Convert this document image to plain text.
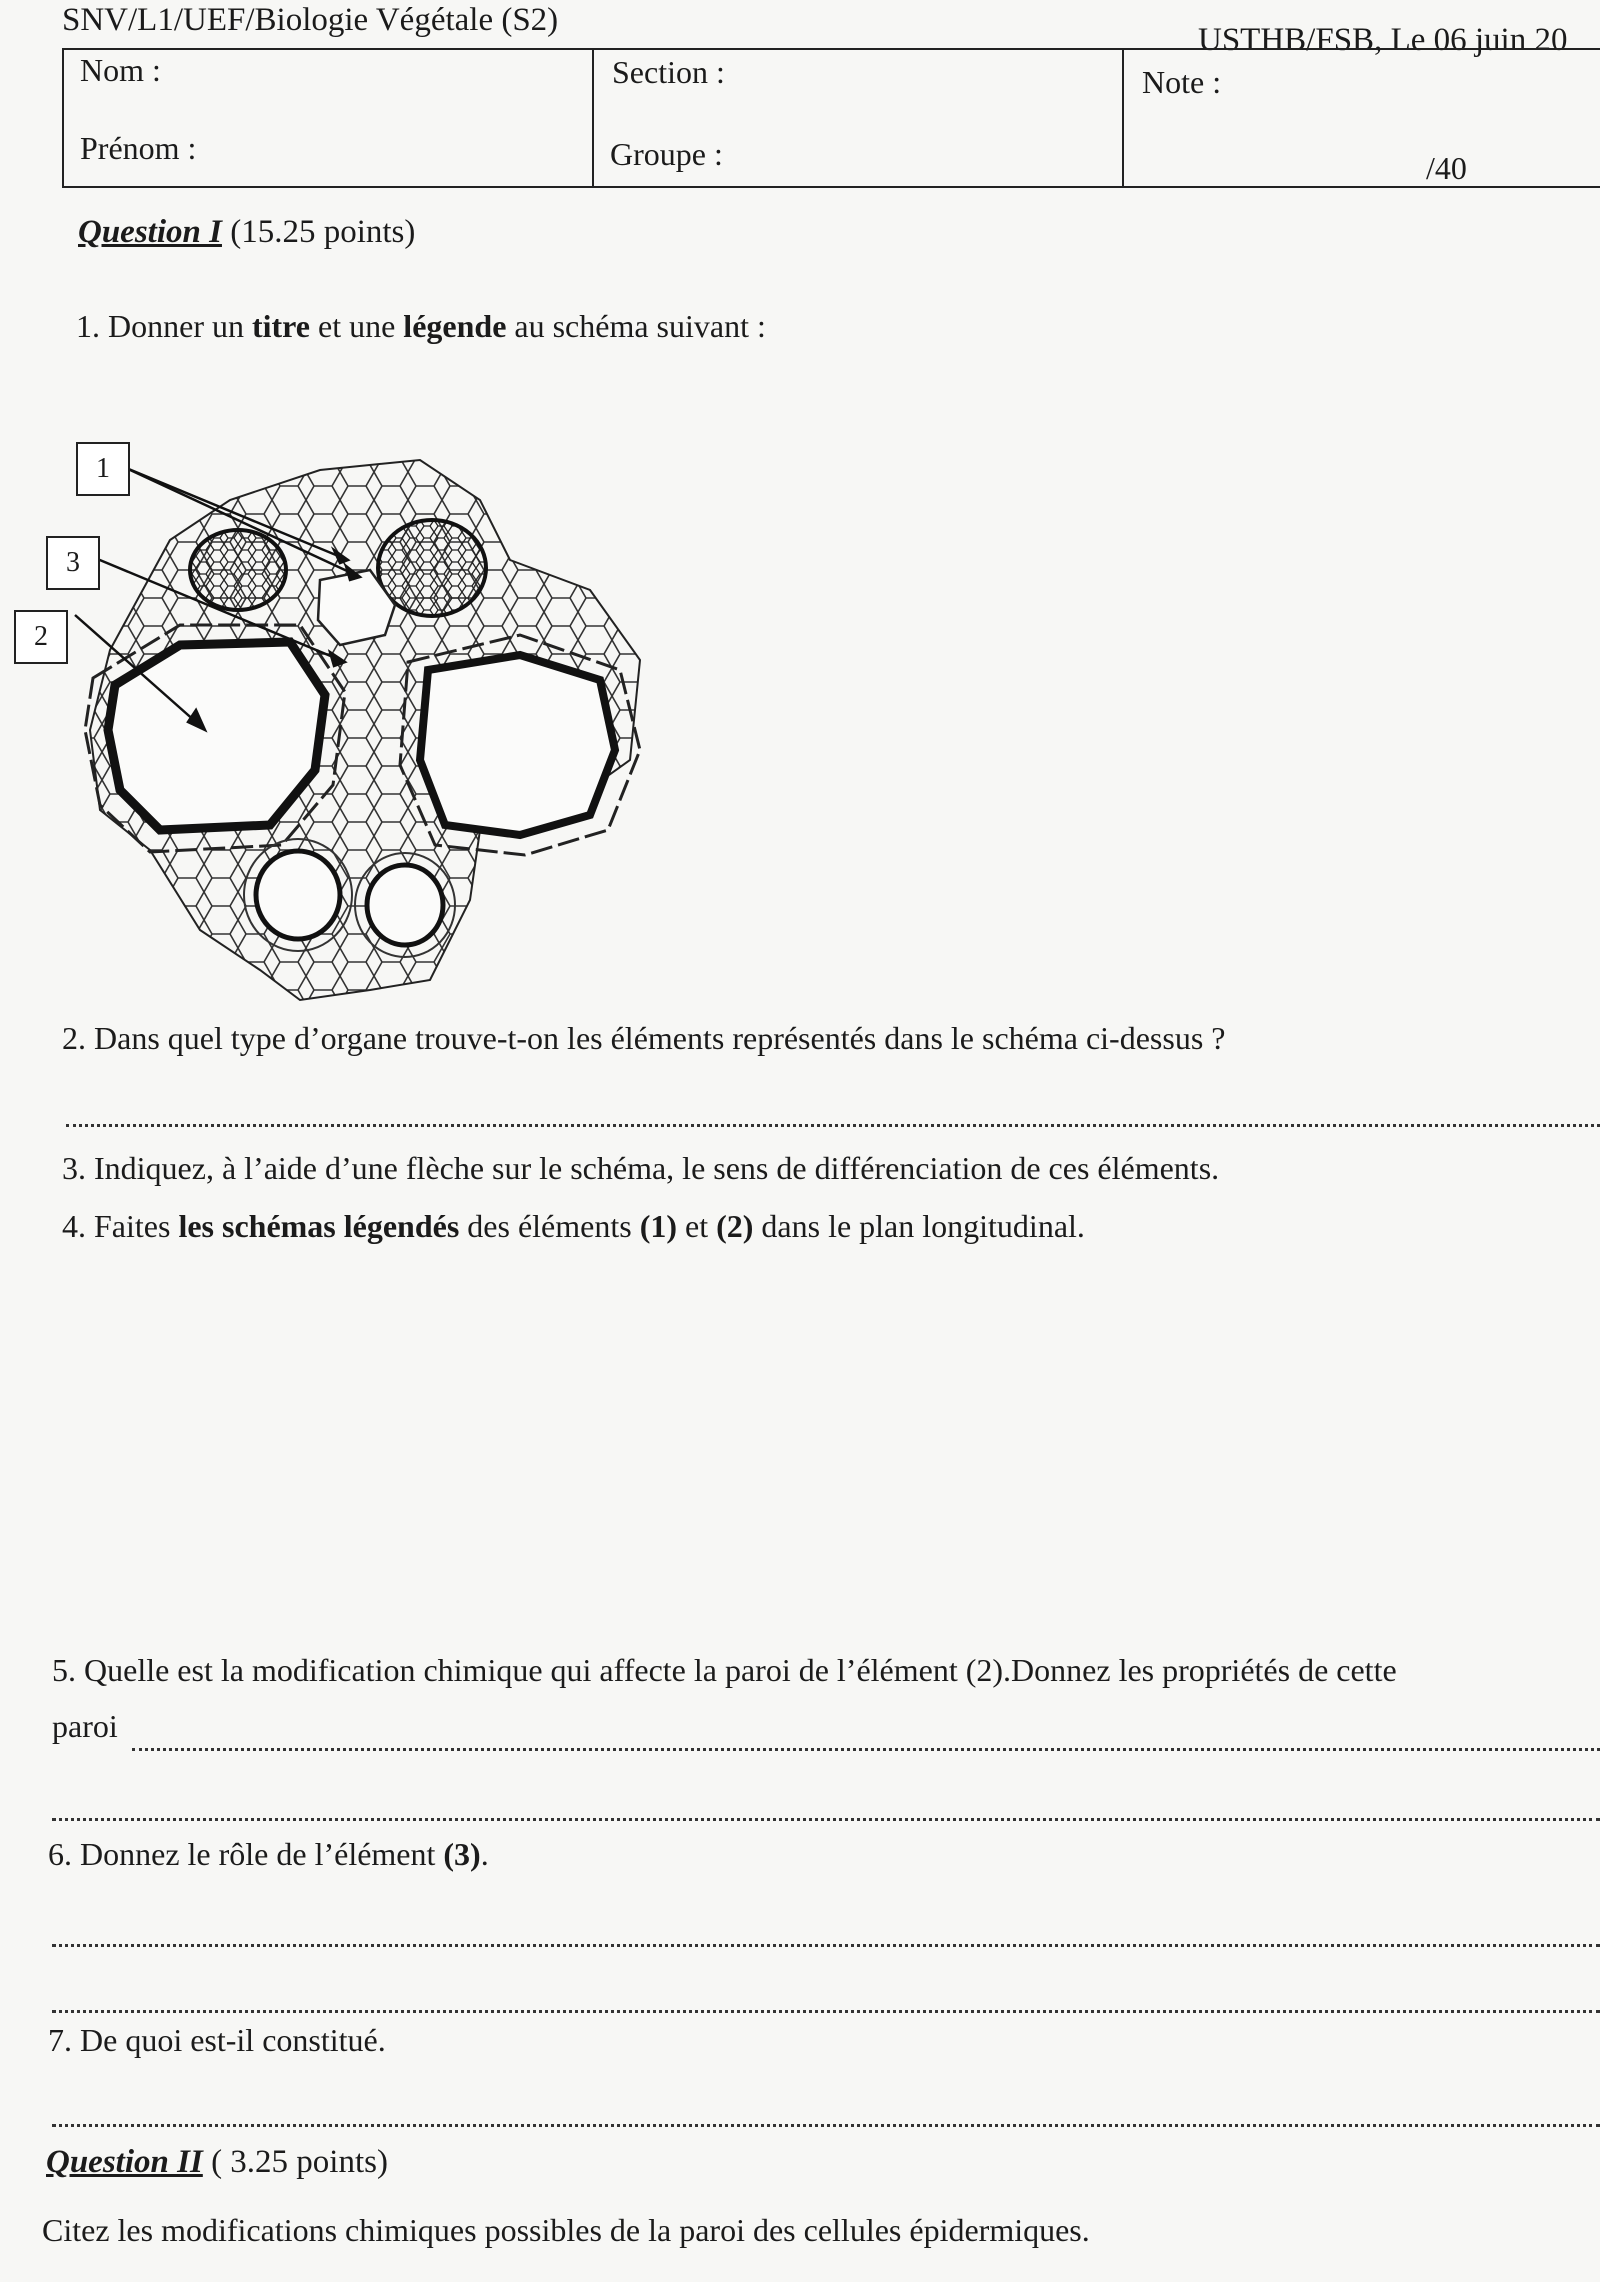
SNV/L1/UEF/Biologie Végétale (S2)
USTHB/FSB, Le 06 juin 20
Nom :
Prénom :
Section :
Groupe :
Note :
/40
Question I (15.25 points)
1. Donner un titre et une légende au schéma suivant :
1
3
2
2. Dans quel type d’organe trouve-t-on les éléments représentés dans le schéma ci-dessus ?
3. Indiquez, à l’aide d’une flèche sur le schéma, le sens de différenciation de ces éléments.
4. Faites les schémas légendés des éléments (1) et (2) dans le plan longitudinal.
5. Quelle est la modification chimique qui affecte la paroi de l’élément (2).Donnez les propriétés de cette
paroi
6. Donnez le rôle de l’élément (3).
7. De quoi est-il constitué.
Question II ( 3.25 points)
Citez les modifications chimiques possibles de la paroi des cellules épidermiques.
